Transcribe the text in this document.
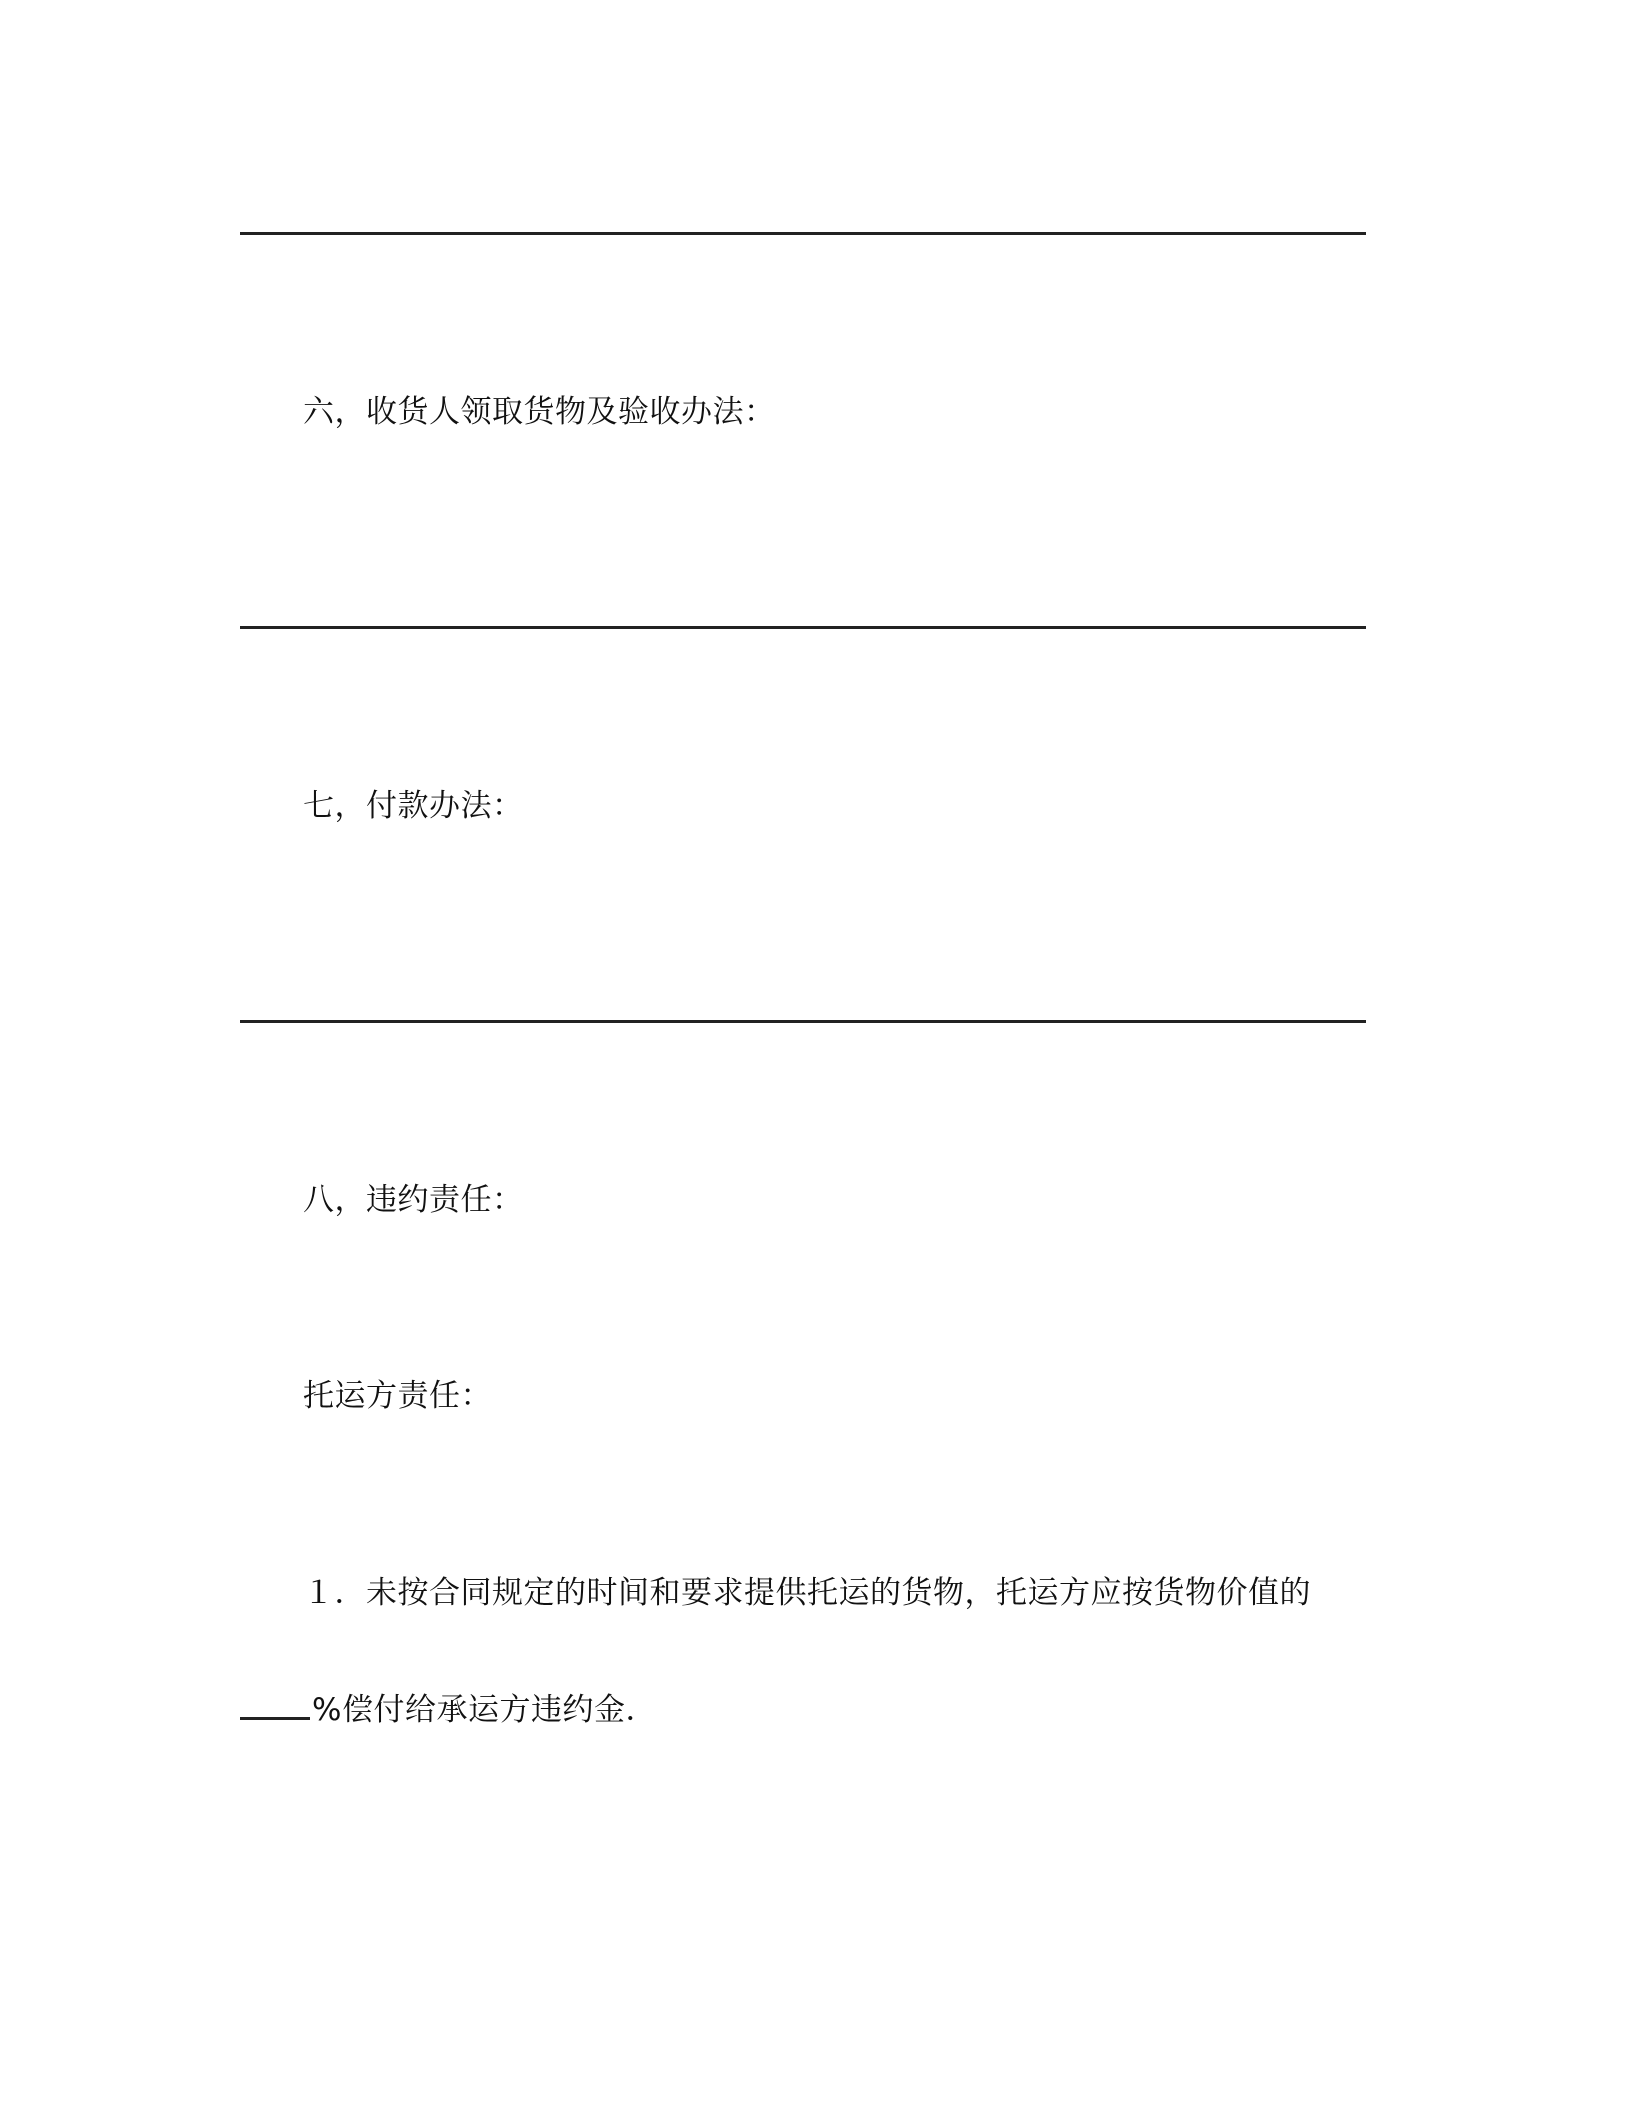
六，收货人领取货物及验收办法：
七，付款办法：
八，违约责任：
托运方责任：
１．未按合同规定的时间和要求提供托运的货物，托运方应按货物价值的
%偿付给承运方违约金．
